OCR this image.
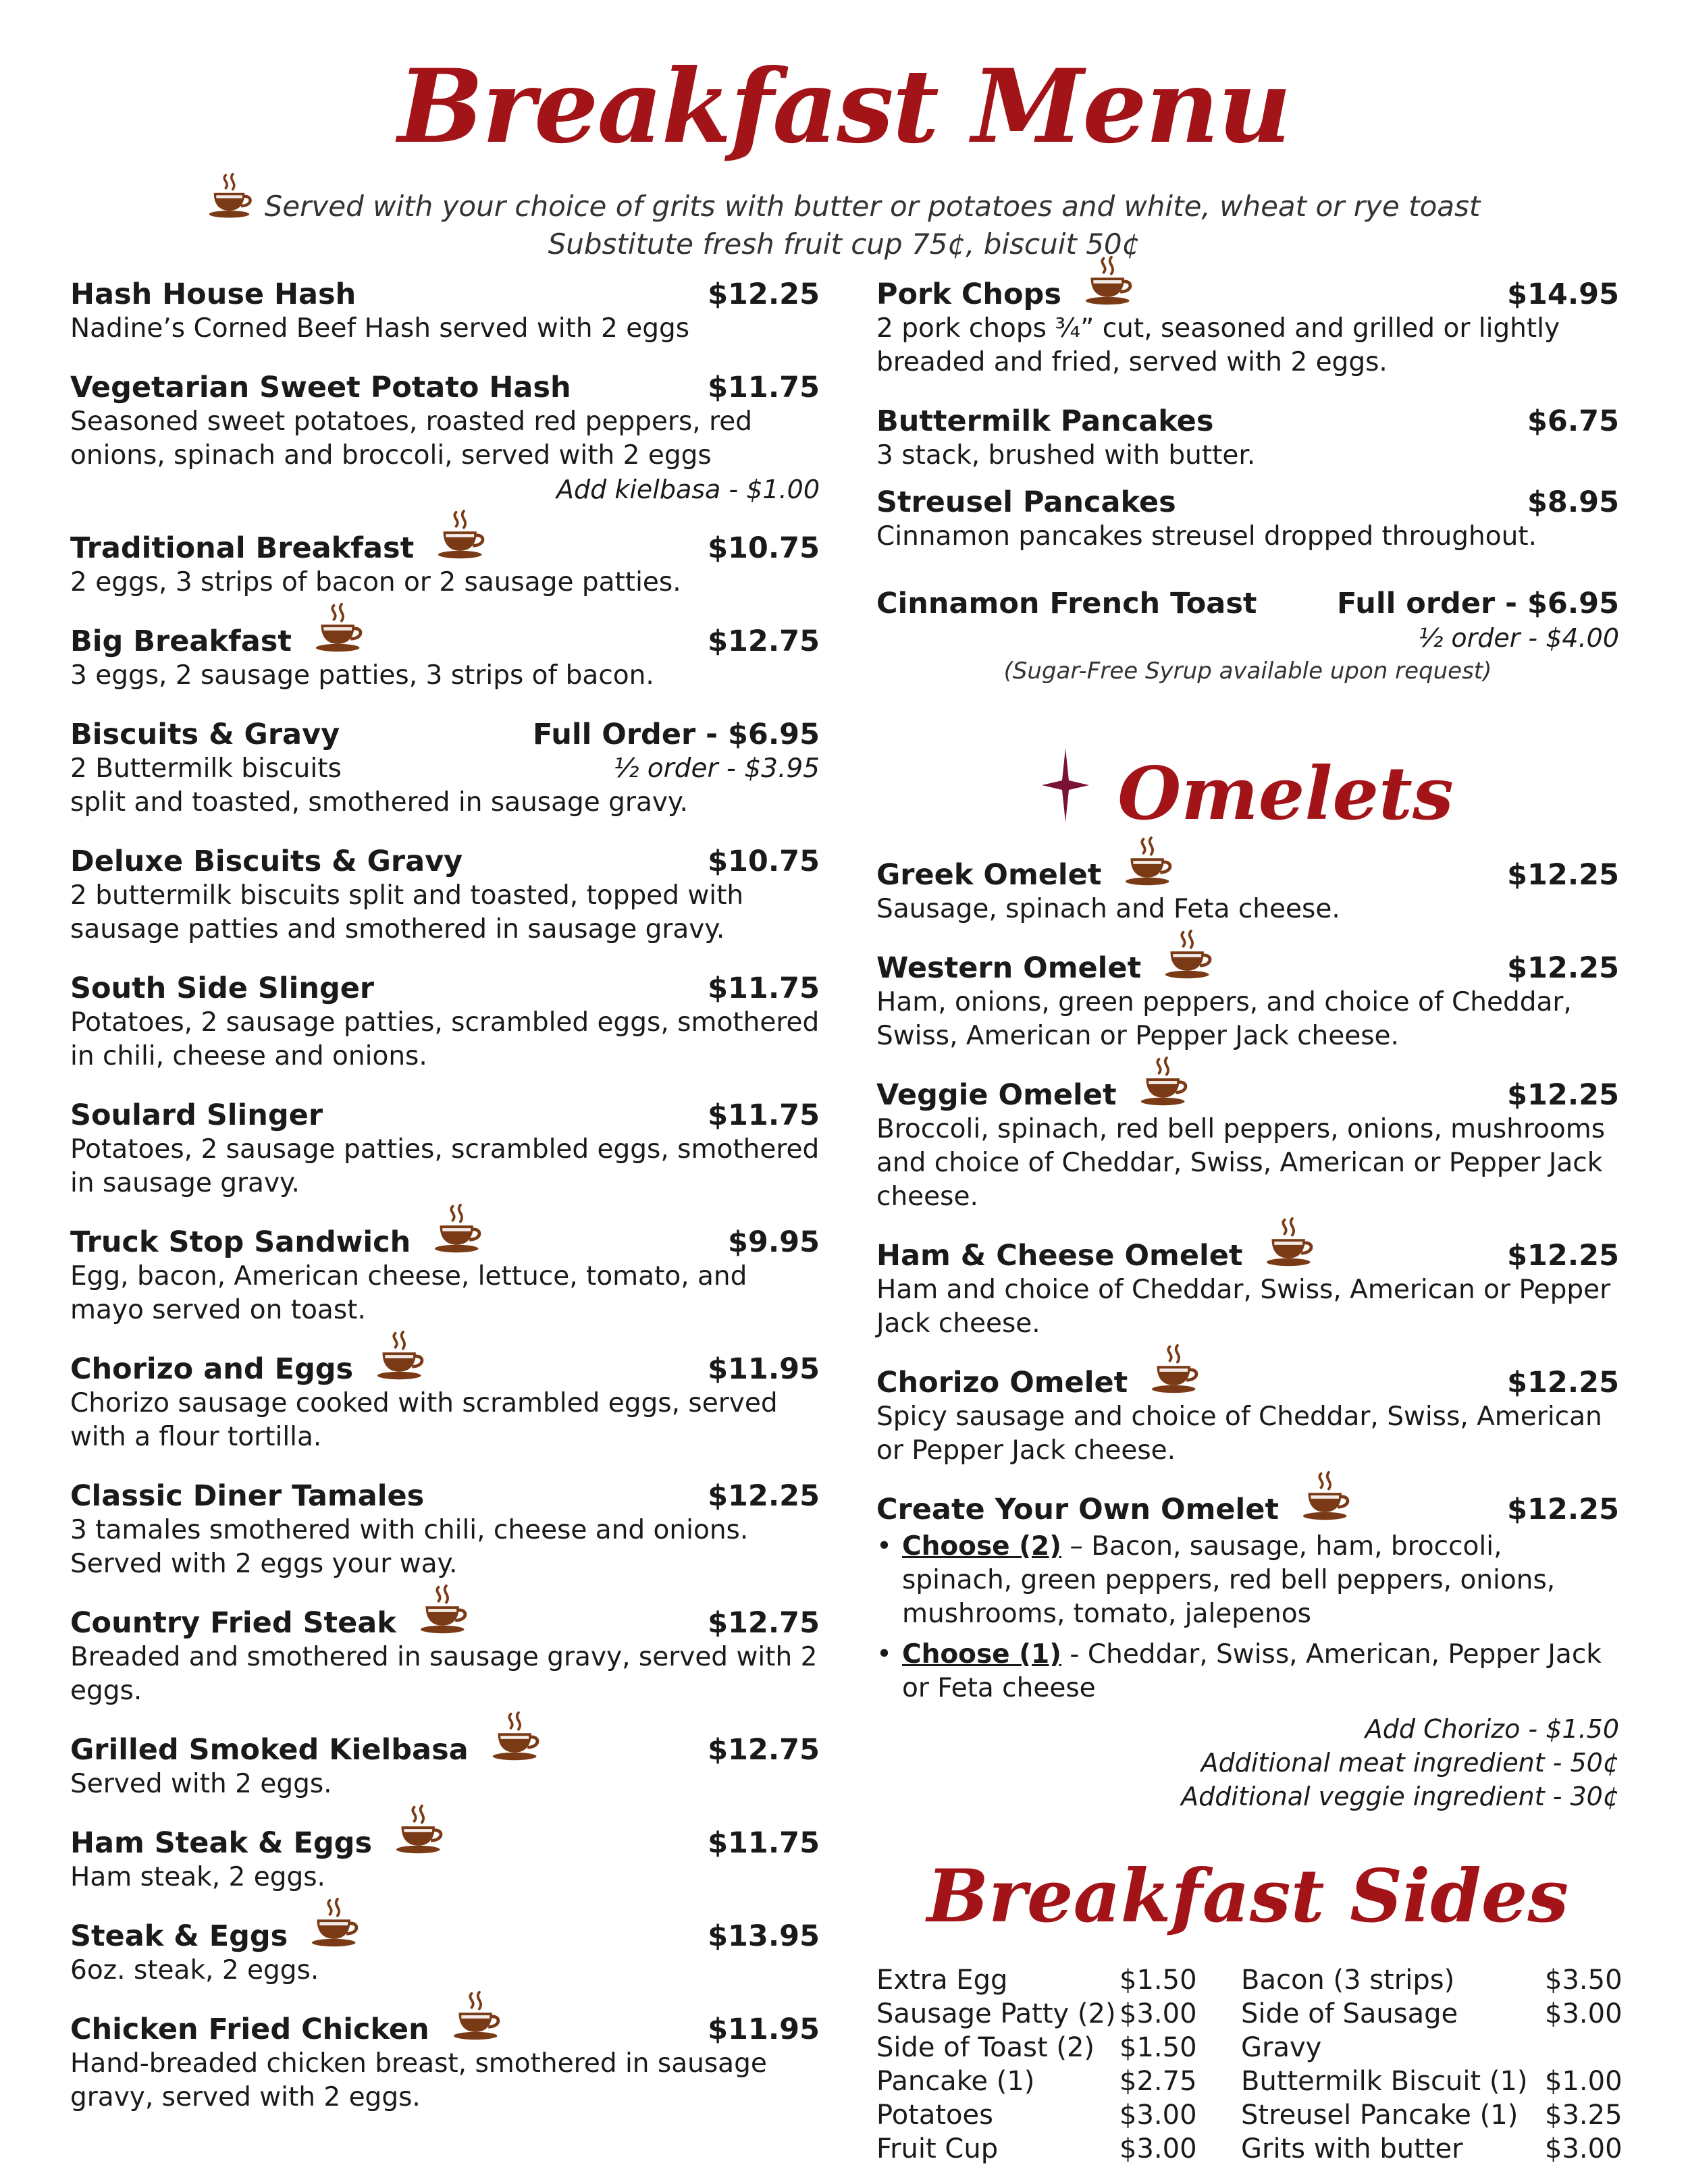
Breakfast Menu
Served with your choice of grits with butter or potatoes and white, wheat or rye toast
Substitute fresh fruit cup 75¢, biscuit 50¢
Hash House Hash	$12.25
Nadine’s Corned Beef Hash served with 2 eggs
Vegetarian Sweet Potato Hash	$11.75
Seasoned sweet potatoes, roasted red peppers, red onions, spinach and broccoli, served with 2 eggs
Add kielbasa - $1.00
Traditional Breakfast	$10.75
2 eggs, 3 strips of bacon or 2 sausage patties.
Big Breakfast	$12.75
3 eggs, 2 sausage patties, 3 strips of bacon.
Biscuits & Gravy	Full Order - $6.95
2 Buttermilk biscuits	½ order - $3.95
split and toasted, smothered in sausage gravy.
Deluxe Biscuits & Gravy	$10.75
2 buttermilk biscuits split and toasted, topped with sausage patties and smothered in sausage gravy.
South Side Slinger	$11.75
Potatoes, 2 sausage patties, scrambled eggs, smothered in chili, cheese and onions.
Soulard Slinger	$11.75
Potatoes, 2 sausage patties, scrambled eggs, smothered in sausage gravy.
Truck Stop Sandwich	$9.95
Egg, bacon, American cheese, lettuce, tomato, and mayo served on toast.
Chorizo and Eggs	$11.95
Chorizo sausage cooked with scrambled eggs, served with a flour tortilla.
Classic Diner Tamales	$12.25
3 tamales smothered with chili, cheese and onions. Served with 2 eggs your way.
Country Fried Steak	$12.75
Breaded and smothered in sausage gravy, served with 2 eggs.
Grilled Smoked Kielbasa	$12.75
Served with 2 eggs.
Ham Steak & Eggs	$11.75
Ham steak, 2 eggs.
Steak & Eggs	$13.95
6oz. steak, 2 eggs.
Chicken Fried Chicken	$11.95
Hand-breaded chicken breast, smothered in sausage gravy, served with 2 eggs.
Pork Chops	$14.95
2 pork chops ¾” cut, seasoned and grilled or lightly breaded and fried, served with 2 eggs.
Buttermilk Pancakes	$6.75
3 stack, brushed with butter.
Streusel Pancakes	$8.95
Cinnamon pancakes streusel dropped throughout.
Cinnamon French Toast	Full order - $6.95
½ order - $4.00
(Sugar-Free Syrup available upon request)
Omelets
Greek Omelet	$12.25
Sausage, spinach and Feta cheese.
Western Omelet	$12.25
Ham, onions, green peppers, and choice of Cheddar, Swiss, American or Pepper Jack cheese.
Veggie Omelet	$12.25
Broccoli, spinach, red bell peppers, onions, mushrooms and choice of Cheddar, Swiss, American or Pepper Jack cheese.
Ham & Cheese Omelet	$12.25
Ham and choice of Cheddar, Swiss, American or Pepper Jack cheese.
Chorizo Omelet	$12.25
Spicy sausage and choice of Cheddar, Swiss, American or Pepper Jack cheese.
Create Your Own Omelet	$12.25
• Choose (2) – Bacon, sausage, ham, broccoli, spinach, green peppers, red bell peppers, onions, mushrooms, tomato, jalepenos
• Choose (1) - Cheddar, Swiss, American, Pepper Jack or Feta cheese
Add Chorizo - $1.50
Additional meat ingredient - 50¢
Additional veggie ingredient - 30¢
Breakfast Sides
Extra Egg	$1.50
Sausage Patty (2) $3.00
Side of Toast (2) $1.50
Pancake (1)	$2.75
Potatoes	$3.00
Fruit Cup	$3.00
Bacon (3 strips)	$3.50
Side of Sausage Gravy
$3.00
Buttermilk Biscuit (1) $1.00
Streusel Pancake (1) $3.25
Grits with butter	$3.00
